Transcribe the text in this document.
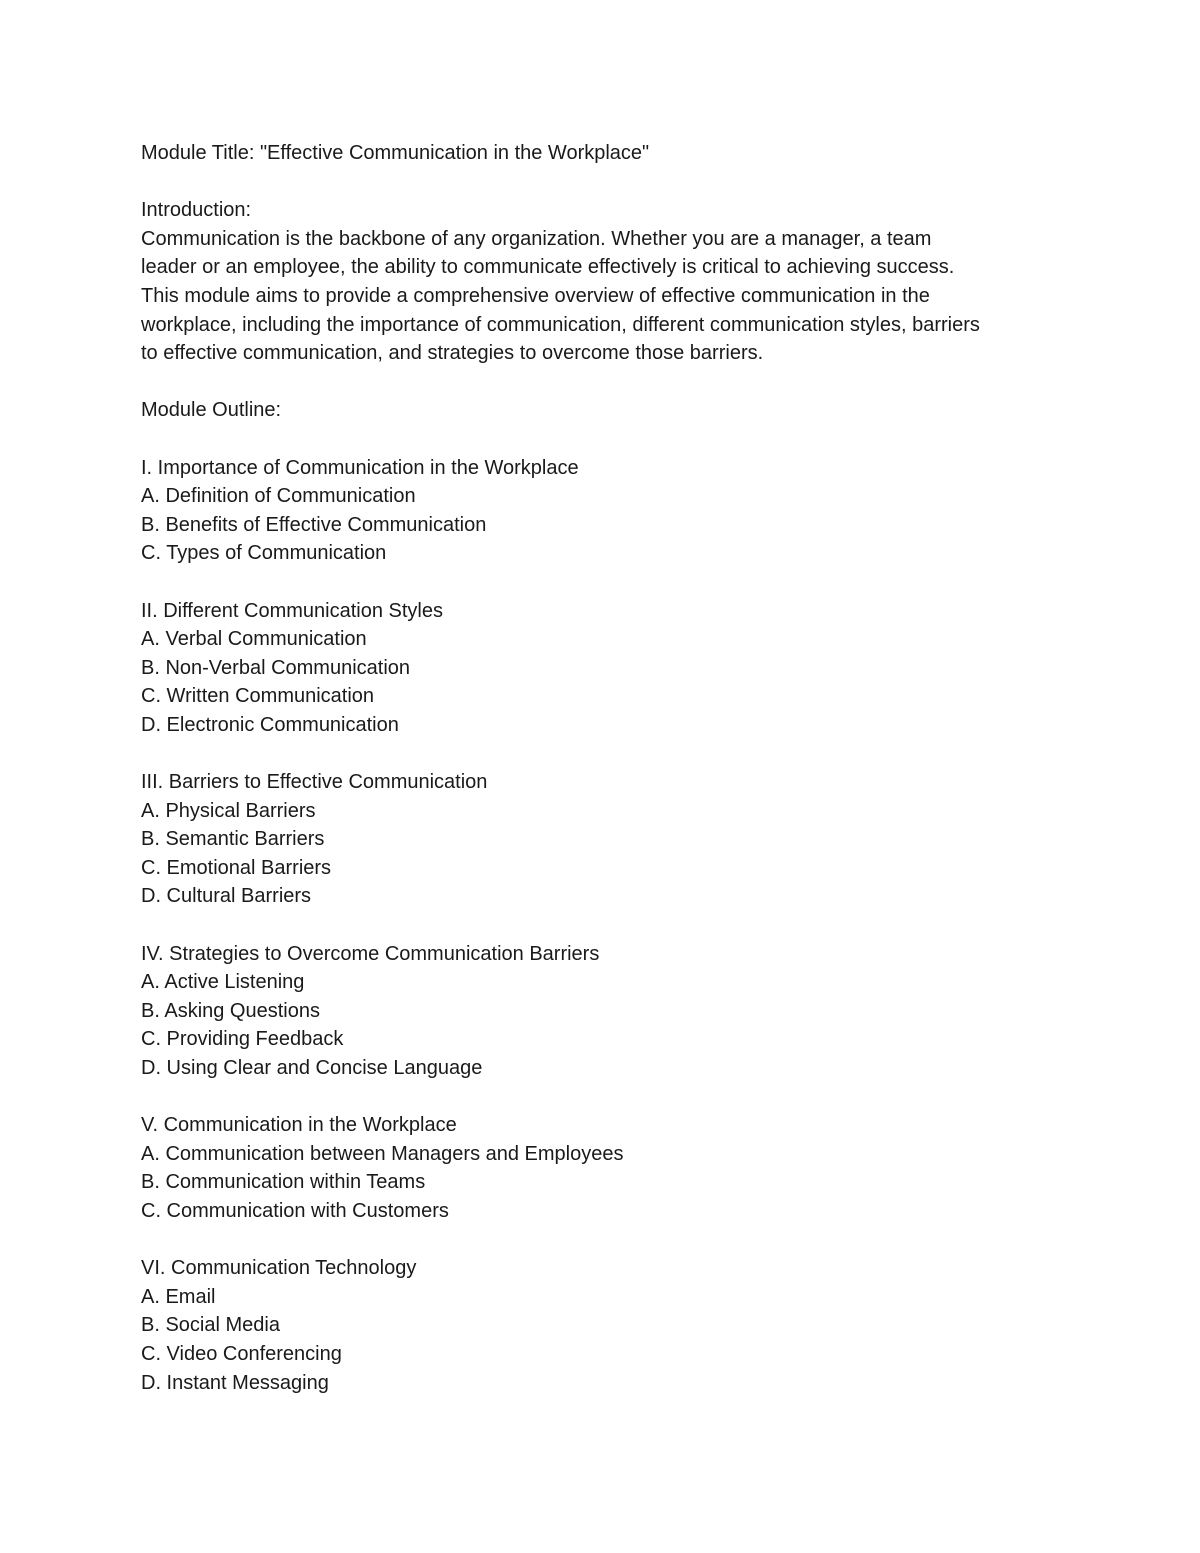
Module Title: "Effective Communication in the Workplace"
Introduction:
Communication is the backbone of any organization. Whether you are a manager, a team
leader or an employee, the ability to communicate effectively is critical to achieving success.
This module aims to provide a comprehensive overview of effective communication in the
workplace, including the importance of communication, different communication styles, barriers
to effective communication, and strategies to overcome those barriers.
Module Outline:
I. Importance of Communication in the Workplace
A. Definition of Communication
B. Benefits of Effective Communication
C. Types of Communication
II. Different Communication Styles
A. Verbal Communication
B. Non-Verbal Communication
C. Written Communication
D. Electronic Communication
III. Barriers to Effective Communication
A. Physical Barriers
B. Semantic Barriers
C. Emotional Barriers
D. Cultural Barriers
IV. Strategies to Overcome Communication Barriers
A. Active Listening
B. Asking Questions
C. Providing Feedback
D. Using Clear and Concise Language
V. Communication in the Workplace
A. Communication between Managers and Employees
B. Communication within Teams
C. Communication with Customers
VI. Communication Technology
A. Email
B. Social Media
C. Video Conferencing
D. Instant Messaging
